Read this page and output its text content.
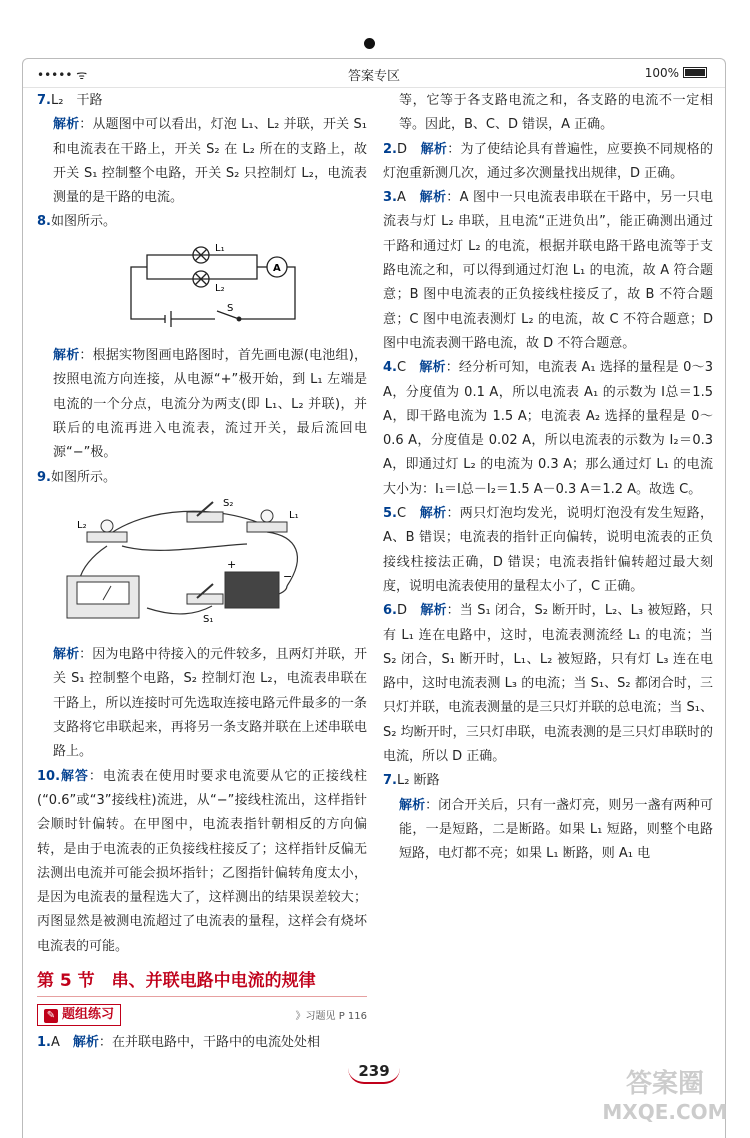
••••• ᯤ	答案专区	100%

7.L₂　干路

解析：从题图中可以看出，灯泡 L₁、L₂ 并联，开关 S₁ 和电流表在干路上，开关 S₂ 在 L₂ 所在的支路上，故开关 S₁ 控制整个电路，开关 S₂ 只控制灯 L₂，电流表测量的是干路的电流。

8.如图所示。

L₁
L₂
A
S

解析：根据实物图画电路图时，首先画电源(电池组)，按照电流方向连接，从电源“+”极开始，到 L₁ 左端是电流的一个分点，电流分为两支(即 L₁、L₂ 并联)，并联后的电流再进入电流表，流过开关，最后流回电源“−”极。

9.如图所示。

L₂
L₁
S₂
S₁
+
−

解析：因为电路中待接入的元件较多，且两灯并联，开关 S₁ 控制整个电路，S₂ 控制灯泡 L₂，电流表串联在干路上，所以连接时可先选取连接电路元件最多的一条支路将它串联起来，再将另一条支路并联在上述串联电路上。

10.解答：电流表在使用时要求电流要从它的正接线柱(“0.6”或“3”接线柱)流进，从“−”接线柱流出，这样指针会顺时针偏转。在甲图中，电流表指针朝相反的方向偏转，是由于电流表的正负接线柱接反了；这样指针反偏无法测出电流并可能会损坏指针；乙图指针偏转角度太小，是因为电流表的量程选大了，这样测出的结果误差较大；丙图显然是被测电流超过了电流表的量程，这样会有烧坏电流表的可能。

第 5 节　串、并联电路中电流的规律
✎ 题组练习	》习题见 P 116

1.A　 解析：在并联电路中，干路中的电流处处相

等，它等于各支路电流之和，各支路的电流不一定相等。因此，B、C、D 错误，A 正确。

2.D　 解析：为了使结论具有普遍性，应要换不同规格的灯泡重新测几次，通过多次测量找出规律，D 正确。

3.A　 解析：A 图中一只电流表串联在干路中，另一只电流表与灯 L₂ 串联，且电流“正进负出”，能正确测出通过干路和通过灯 L₂ 的电流，根据并联电路干路电流等于支路电流之和，可以得到通过灯泡 L₁ 的电流，故 A 符合题意；B 图中电流表的正负接线柱接反了，故 B 不符合题意；C 图中电流表测灯 L₂ 的电流，故 C 不符合题意；D 图中电流表测干路电流，故 D 不符合题意。

4.C　 解析：经分析可知，电流表 A₁ 选择的量程是 0～3 A，分度值为 0.1 A，所以电流表 A₁ 的示数为 I总＝1.5 A，即干路电流为 1.5 A；电流表 A₂ 选择的量程是 0～0.6 A，分度值是 0.02 A，所以电流表的示数为 I₂＝0.3 A，即通过灯 L₂ 的电流为 0.3 A；那么通过灯 L₁ 的电流大小为：I₁＝I总－I₂＝1.5 A－0.3 A＝1.2 A。故选 C。

5.C　 解析：两只灯泡均发光，说明灯泡没有发生短路，A、B 错误；电流表的指针正向偏转，说明电流表的正负接线柱接法正确，D 错误；电流表指针偏转超过最大刻度，说明电流表使用的量程太小了，C 正确。

6.D　 解析：当 S₁ 闭合，S₂ 断开时，L₂、L₃ 被短路，只有 L₁ 连在电路中，这时，电流表测流经 L₁ 的电流；当 S₂ 闭合，S₁ 断开时，L₁、L₂ 被短路，只有灯 L₃ 连在电路中，这时电流表测 L₃ 的电流；当 S₁、S₂ 都闭合时，三只灯并联，电流表测量的是三只灯并联的总电流；当 S₁、S₂ 均断开时，三只灯串联，电流表测的是三只灯串联时的电流，所以 D 正确。

7.L₂ 断路

解析：闭合开关后，只有一盏灯亮，则另一盏有两种可能，一是短路，二是断路。如果 L₁ 短路，则整个电路短路，电灯都不亮；如果 L₁ 断路，则 A₁ 电

239	答案圈
MXQE.COM
